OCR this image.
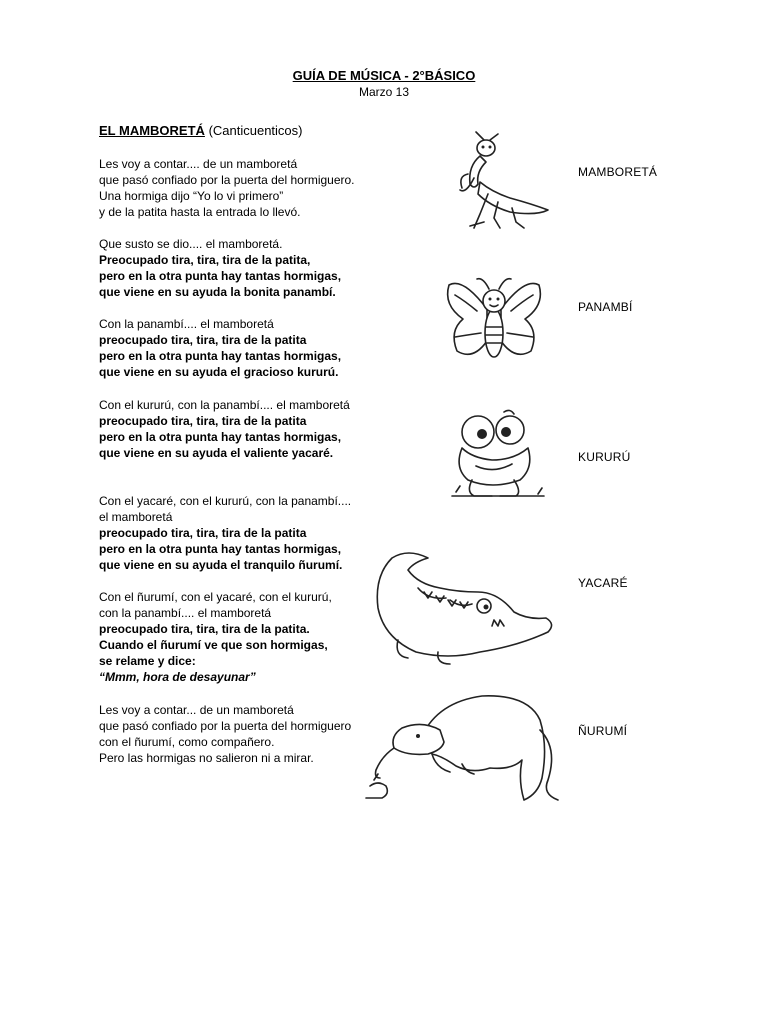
GUÍA DE MÚSICA - 2°BÁSICO
Marzo 13
EL MAMBORETÁ (Canticuenticos)
Les voy a contar.... de un mamboretá
que pasó confiado por la puerta del hormiguero.
Una hormiga dijo “Yo lo vi primero”
y de la patita hasta la entrada lo llevó.
Que susto se dio.... el mamboretá.
Preocupado tira, tira, tira de la patita,
pero en la otra punta hay tantas hormigas,
que viene en su ayuda la bonita panambí.
Con la panambí.... el mamboretá
preocupado tira, tira, tira de la patita
pero en la otra punta hay tantas hormigas,
que viene en su ayuda el gracioso kururú.
Con el kururú, con la panambí.... el mamboretá
preocupado tira, tira, tira de la patita
pero en la otra punta hay tantas hormigas,
que viene en su ayuda el valiente yacaré.
Con el yacaré, con el kururú, con la panambí....
el mamboretá
preocupado tira, tira, tira de la patita
pero en la otra punta hay tantas hormigas,
que viene en su ayuda el tranquilo ñurumí.
Con el ñurumí, con el yacaré, con el kururú,
con la panambí.... el mamboretá
preocupado tira, tira, tira de la patita.
Cuando el ñurumí ve que son hormigas,
se relame y dice:
“Mmm, hora de desayunar”
Les voy a contar... de un mamboretá
que pasó confiado por la puerta del hormiguero
con el ñurumí, como compañero.
Pero las hormigas no salieron ni a mirar.
MAMBORETÁ
PANAMBÍ
KURURÚ
YACARÉ
ÑURUMÍ
